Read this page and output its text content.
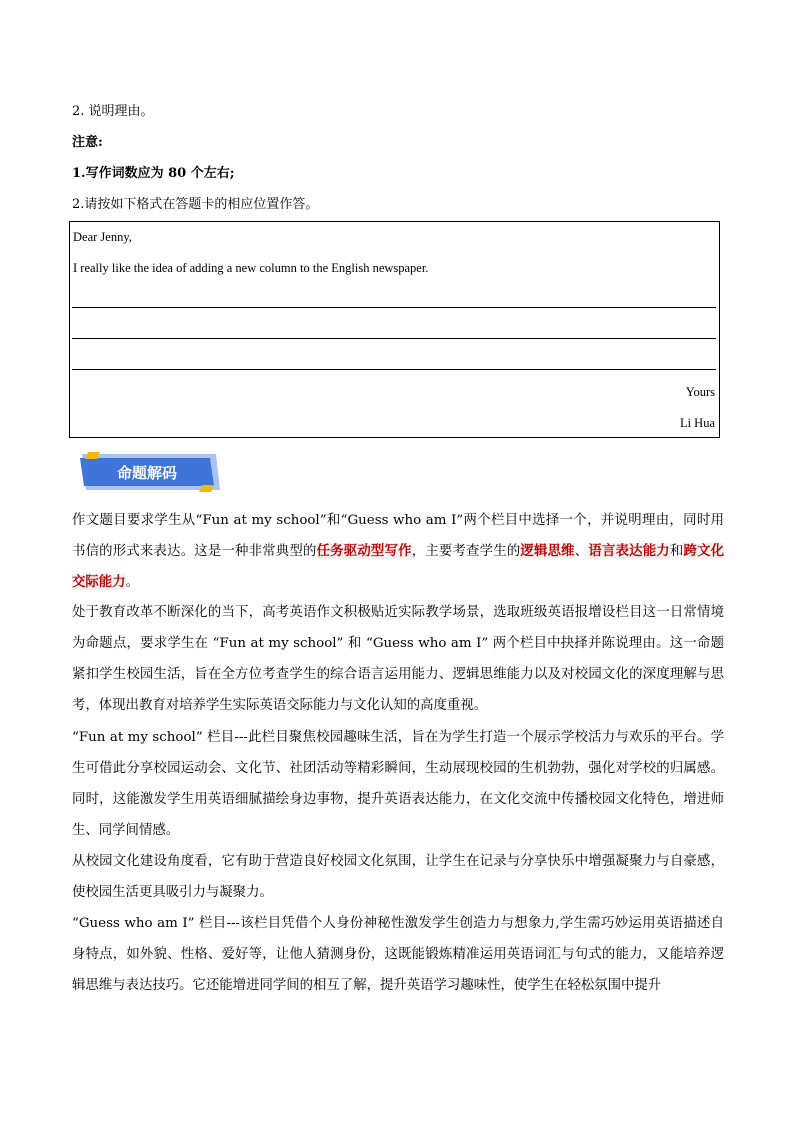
2. 说明理由。
注意:
1.写作词数应为 80 个左右;
2.请按如下格式在答题卡的相应位置作答。
Dear Jenny,
I really like the idea of adding a new column to the English newspaper.
Yours
Li Hua
命题解码
作文题目要求学生从“Fun at my school”和“Guess who am I”两个栏目中选择一个，并说明理由，同时用书信的形式来表达。这是一种非常典型的任务驱动型写作，主要考查学生的逻辑思维、语言表达能力和跨文化交际能力。
处于教育改革不断深化的当下，高考英语作文积极贴近实际教学场景，选取班级英语报增设栏目这一日常情境为命题点，要求学生在 “Fun at my school” 和 “Guess who am I” 两个栏目中抉择并陈说理由。这一命题紧扣学生校园生活，旨在全方位考查学生的综合语言运用能力、逻辑思维能力以及对校园文化的深度理解与思考，体现出教育对培养学生实际英语交际能力与文化认知的高度重视。
“Fun at my school” 栏目---此栏目聚焦校园趣味生活，旨在为学生打造一个展示学校活力与欢乐的平台。学生可借此分享校园运动会、文化节、社团活动等精彩瞬间，生动展现校园的生机勃勃，强化对学校的归属感。同时，这能激发学生用英语细腻描绘身边事物，提升英语表达能力，在文化交流中传播校园文化特色，增进师生、同学间情感。
从校园文化建设角度看，它有助于营造良好校园文化氛围，让学生在记录与分享快乐中增强凝聚力与自豪感，使校园生活更具吸引力与凝聚力。
“Guess who am I” 栏目---该栏目凭借个人身份神秘性激发学生创造力与想象力,学生需巧妙运用英语描述自身特点，如外貌、性格、爱好等，让他人猜测身份，这既能锻炼精准运用英语词汇与句式的能力，又能培养逻辑思维与表达技巧。它还能增进同学间的相互了解，提升英语学习趣味性，使学生在轻松氛围中提升
